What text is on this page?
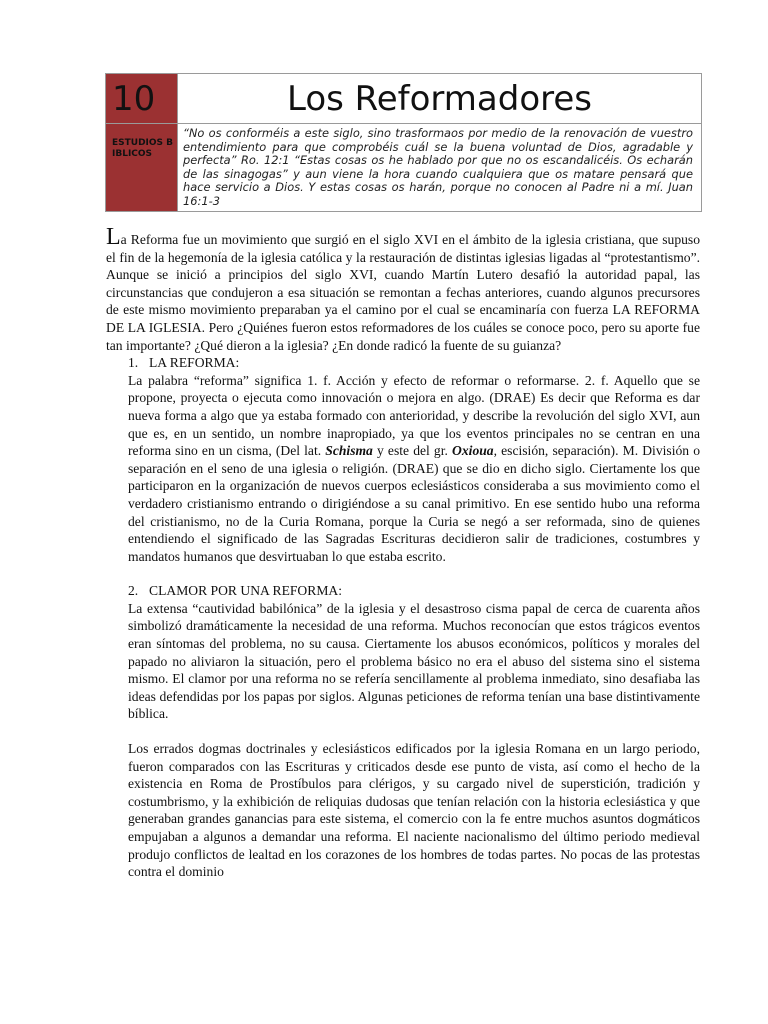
10	Los Reformadores
ESTUDIOS BIBLICOS	“No os conforméis a este siglo, sino trasformaos por medio de la renovación de vuestro entendimiento para que comprobéis cuál se la buena voluntad de Dios, agradable y perfecta” Ro. 12:1 “Estas cosas os he hablado por que no os escandalicéis. Os echarán de las sinagogas” y aun viene la hora cuando cualquiera que os matare pensará que hace servicio a Dios. Y estas cosas os harán, porque no conocen al Padre ni a mí. Juan 16:1-3

La Reforma fue un movimiento que surgió en el siglo XVI en el ámbito de la iglesia cristiana, que supuso el fin de la hegemonía de la iglesia católica y la restauración de distintas iglesias ligadas al “protestantismo”. Aunque se inició a principios del siglo XVI, cuando Martín Lutero desafió la autoridad papal, las circunstancias que condujeron a esa situación se remontan a fechas anteriores, cuando algunos precursores de este mismo movimiento preparaban ya el camino por el cual se encaminaría con fuerza LA REFORMA DE LA IGLESIA. Pero ¿Quiénes fueron estos reformadores de los cuáles se conoce poco, pero su aporte fue tan importante? ¿Qué dieron a la iglesia? ¿En donde radicó la fuente de su guianza?

1. LA REFORMA:

La palabra “reforma” significa 1. f. Acción y efecto de reformar o reformarse. 2. f. Aquello que se propone, proyecta o ejecuta como innovación o mejora en algo. (DRAE) Es decir que Reforma es dar nueva forma a algo que ya estaba formado con anterioridad, y describe la revolución del siglo XVI, aun que es, en un sentido, un nombre inapropiado, ya que los eventos principales no se centran en una reforma sino en un cisma, (Del lat. Schisma y este del gr. Oxioua, escisión, separación). M. División o separación en el seno de una iglesia o religión. (DRAE) que se dio en dicho siglo. Ciertamente los que participaron en la organización de nuevos cuerpos eclesiásticos consideraba a sus movimiento como el verdadero cristianismo entrando o dirigiéndose a su canal primitivo. En ese sentido hubo una reforma del cristianismo, no de la Curia Romana, porque la Curia se negó a ser reformada, sino de quienes entendiendo el significado de las Sagradas Escrituras decidieron salir de tradiciones, costumbres y mandatos humanos que desvirtuaban lo que estaba escrito.

2. CLAMOR POR UNA REFORMA:

La extensa “cautividad babilónica” de la iglesia y el desastroso cisma papal de cerca de cuarenta años simbolizó dramáticamente la necesidad de una reforma. Muchos reconocían que estos trágicos eventos eran síntomas del problema, no su causa. Ciertamente los abusos económicos, políticos y morales del papado no aliviaron la situación, pero el problema básico no era el abuso del sistema sino el sistema mismo. El clamor por una reforma no se refería sencillamente al problema inmediato, sino desafiaba las ideas defendidas por los papas por siglos. Algunas peticiones de reforma tenían una base distintivamente bíblica.

Los errados dogmas doctrinales y eclesiásticos edificados por la iglesia Romana en un largo periodo, fueron comparados con las Escrituras y criticados desde ese punto de vista, así como el hecho de la existencia en Roma de Prostíbulos para clérigos, y su cargado nivel de superstición, tradición y costumbrismo, y la exhibición de reliquias dudosas que tenían relación con la historia eclesiástica y que generaban grandes ganancias para este sistema, el comercio con la fe entre muchos asuntos dogmáticos empujaban a algunos a demandar una reforma. El naciente nacionalismo del último periodo medieval produjo conflictos de lealtad en los corazones de los hombres de todas partes. No pocas de las protestas contra el dominio
